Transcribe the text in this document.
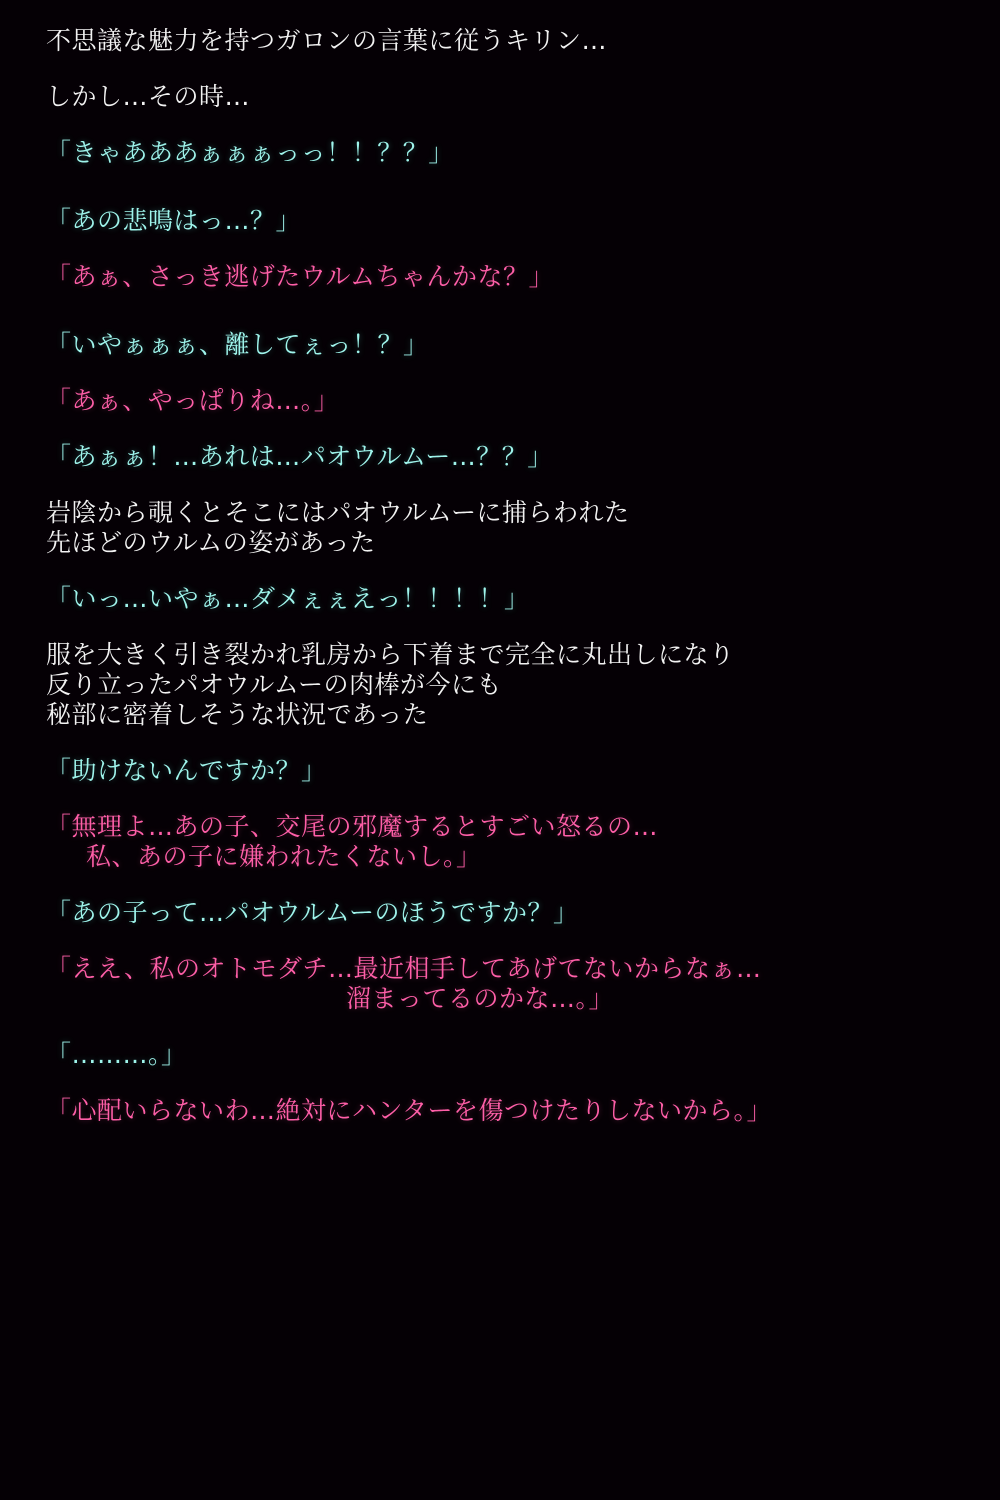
不思議な魅力を持つガロンの言葉に従うキリン…
しかし…その時…
「きゃあああぁぁぁっっ！！？？」
「あの悲鳴はっ…？」
「あぁ、さっき逃げたウルムちゃんかな？」
「いやぁぁぁ、離してぇっ！？」
「あぁ、やっぱりね…。」
「あぁぁ！…あれは…パオウルムー…？？」
岩陰から覗くとそこにはパオウルムーに捕らわれた
先ほどのウルムの姿があった
「いっ…いやぁ…ダメぇぇえっ！！！！」
服を大きく引き裂かれ乳房から下着まで完全に丸出しになり
反り立ったパオウルムーの肉棒が今にも
秘部に密着しそうな状況であった
「助けないんですか？」
「無理よ…あの子、交尾の邪魔するとすごい怒るの…
私、あの子に嫌われたくないし。」
「あの子って…パオウルムーのほうですか？」
「ええ、私のオトモダチ…最近相手してあげてないからなぁ…
溜まってるのかな…。」
「………。」
「心配いらないわ…絶対にハンターを傷つけたりしないから。」
